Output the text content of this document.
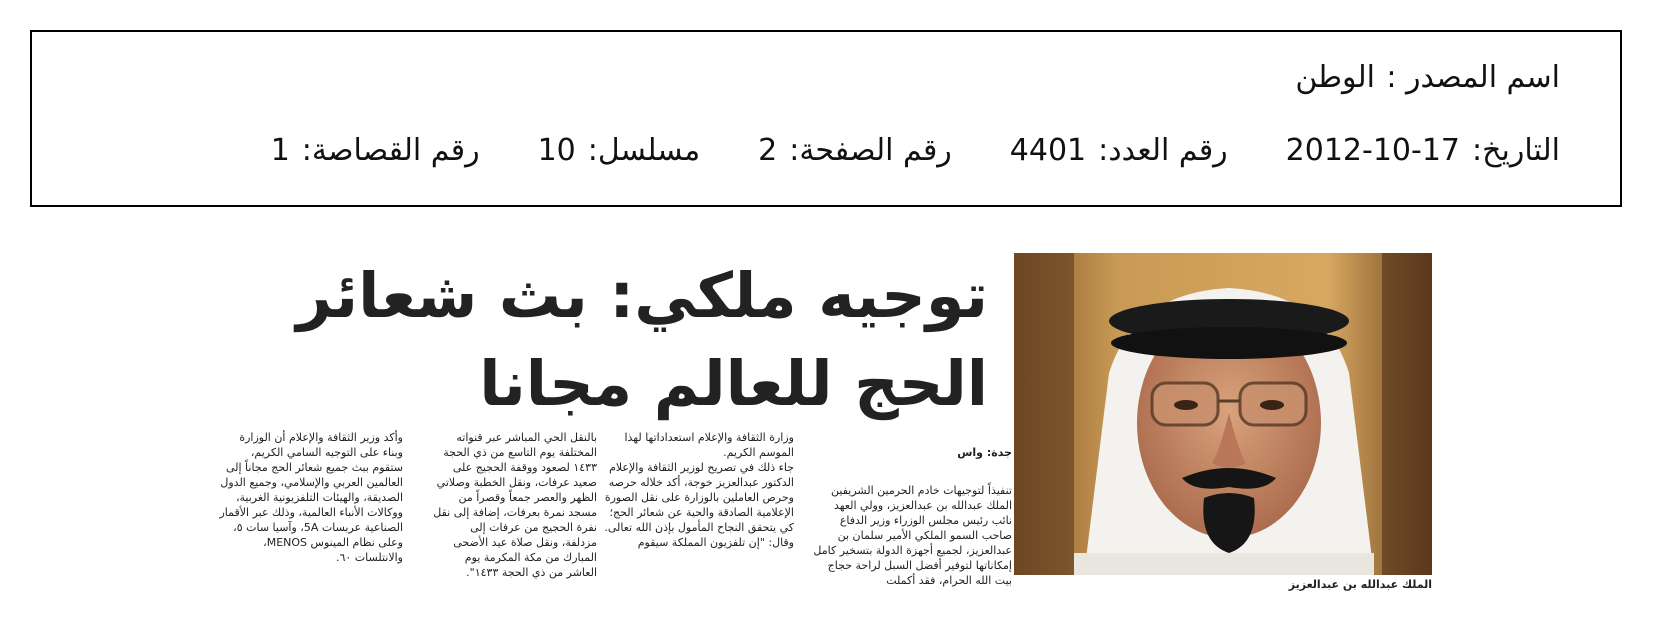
اسم المصدر :
الوطن
التاريخ:
2012-10-17
رقم العدد:
4401
رقم الصفحة:
2
مسلسل:
10
رقم القصاصة:
1
توجيه ملكي: بث شعائر الحج للعالم مجانا
الملك عبدالله بن عبدالعزيز

جدة: واس

تنفيذاً لتوجيهات خادم الحرمين الشريفين الملك عبدالله بن عبدالعزيز، وولي العهد نائب رئيس مجلس الوزراء وزير الدفاع صاحب السمو الملكي الأمير سلمان بن عبدالعزيز، لجميع أجهزة الدولة بتسخير كامل إمكاناتها لتوفير أفضل السبل لراحة حجاج بيت الله الحرام، فقد أكملت

وزارة الثقافة والإعلام استعداداتها لهذا الموسم الكريم.
جاء ذلك في تصريح لوزير الثقافة والإعلام الدكتور عبدالعزيز خوجة، أكد خلاله حرصه وحرص العاملين بالوزارة على نقل الصورة الإعلامية الصادقة والحية عن شعائر الحج؛ كي يتحقق النجاح المأمول بإذن الله تعالى.
وقال: "إن تلفزيون المملكة سيقوم
بالنقل الحي المباشر عبر قنواته المختلفة يوم التاسع من ذي الحجة ١٤٣٣ لصعود ووقفة الحجيج على صعيد عرفات، ونقل الخطبة وصلاتي الظهر والعصر جمعاً وقصراً من مسجد نمرة بعرفات، إضافة إلى نقل نفرة الحجيج من عرفات إلى مزدلفة، ونقل صلاة عيد الأضحى المبارك من مكة المكرمة يوم العاشر من ذي الحجة ١٤٣٣".
وأكد وزير الثقافة والإعلام أن الوزارة وبناء على التوجيه السامي الكريم، ستقوم ببث جميع شعائر الحج مجاناً إلى العالمين العربي والإسلامي، وجميع الدول الصديقة، والهيئات التلفزيونية الغربية، ووكالات الأنباء العالمية، وذلك عبر الأقمار الصناعية عربسات 5A، وآسيا سات ٥، وعلى نظام المينوس MENOS، والانتلسات ٦٠.
